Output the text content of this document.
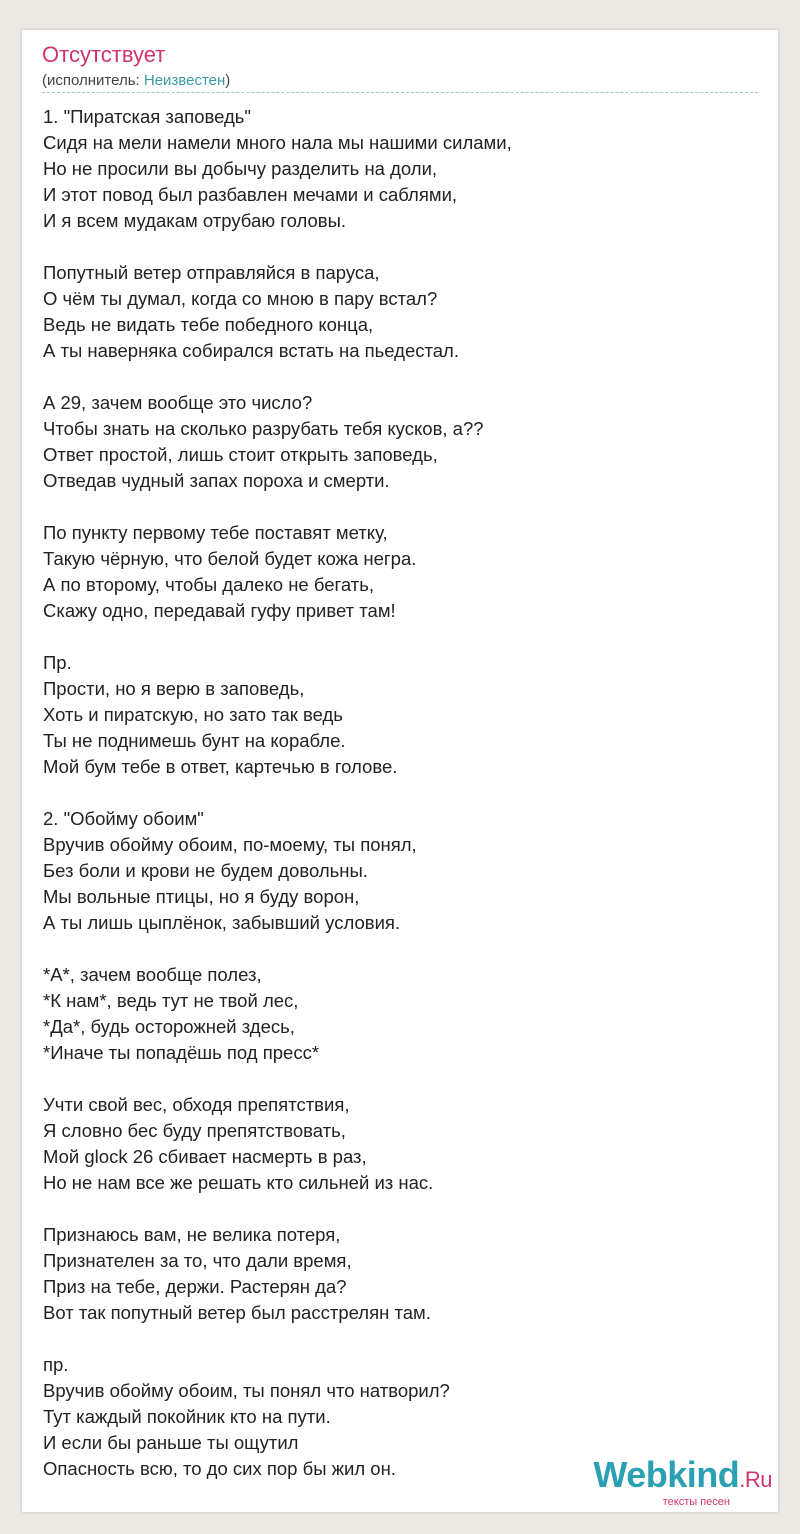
Отсутствует
(исполнитель: Неизвестен)
1. "Пиратская заповедь"
Сидя на мели намели много нала мы нашими силами,
Но не просили вы добычу разделить на доли,
И этот повод был разбавлен мечами и саблями,
И я всем мудакам отрубаю головы.
Попутный ветер отправляйся в паруса,
О чём ты думал, когда со мною в пару встал?
Ведь не видать тебе победного конца,
А ты наверняка собирался встать на пьедестал.
А 29, зачем вообще это число?
Чтобы знать на сколько разрубать тебя кусков, а??
Ответ простой, лишь стоит открыть заповедь,
Отведав чудный запах пороха и смерти.
По пункту первому тебе поставят метку,
Такую чёрную, что белой будет кожа негра.
А по второму, чтобы далеко не бегать,
Скажу одно, передавай гуфу привет там!
Пр.
Прости, но я верю в заповедь,
Хоть и пиратскую, но зато так ведь
Ты не поднимешь бунт на корабле.
Мой бум тебе в ответ, картечью в голове.
2. "Обойму обоим"
Вручив обойму обоим, по-моему, ты понял,
Без боли и крови не будем довольны.
Мы вольные птицы, но я буду ворон,
А ты лишь цыплёнок, забывший условия.
*А*, зачем вообще полез,
*К нам*, ведь тут не твой лес,
*Да*, будь осторожней здесь,
*Иначе ты попадёшь под пресс*
Учти свой вес, обходя препятствия,
Я словно бес буду препятствовать,
Мой glock 26 сбивает насмерть в раз,
Но не нам все же решать кто сильней из нас.
Признаюсь вам, не велика потеря,
Признателен за то, что дали время,
Приз на тебе, держи. Растерян да?
Вот так попутный ветер был расстрелян там.
пр.
Вручив обойму обоим, ты понял что натворил?
Тут каждый покойник кто на пути.
И если бы раньше ты ощутил
Опасность всю, то до сих пор бы жил он.	Webkind.Ru
тексты песен
